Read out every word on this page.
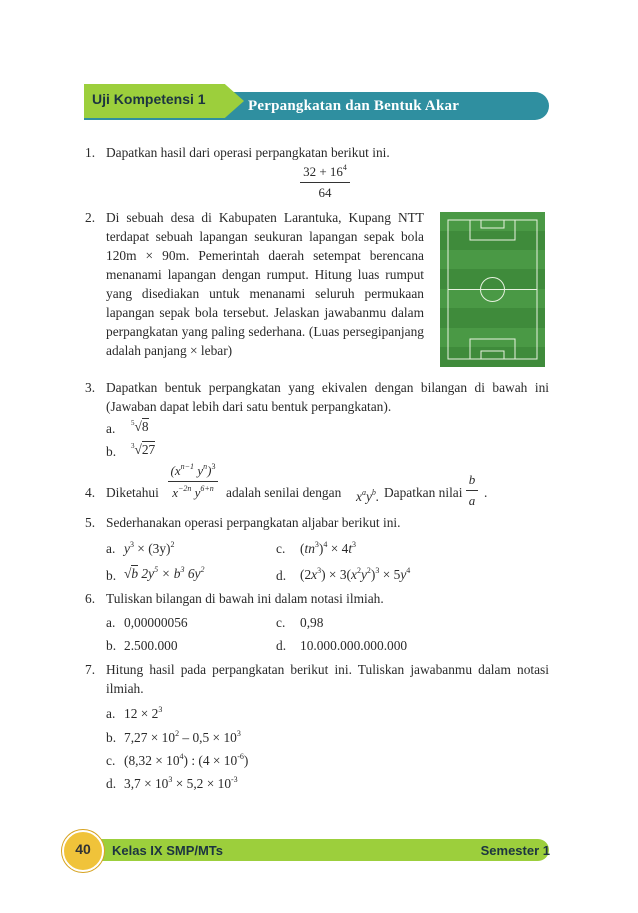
Uji Kompetensi 1	Perpangkatan dan Bentuk Akar
1. Dapatkan hasil dari operasi perpangkatan berikut ini.
$32 + 16^4$
64
2. Di sebuah desa di Kabupaten Larantuka, Kupang NTT
terdapat sebuah lapangan seukuran lapangan sepak bola
120m × 90m. Pemerintah daerah setempat berencana
menanami lapangan dengan rumput. Hitung luas rumput
yang disediakan untuk menanami seluruh permukaan
lapangan sepak bola tersebut. Jelaskan jawabanmu dalam
perpangkatan yang paling sederhana. (Luas persegipanjang
adalah panjang × lebar)
3. Dapatkan bentuk perpangkatan yang ekivalen dengan bilangan di bawah ini
(Jawaban dapat lebih dari satu bentuk perpangkatan).
a. $^5$√8
b. $^3$√27
4. Diketahui
($x^{n-1}$ $y^n)^3$
$x^{-2n}$ $y^{6+n}$ adalah senilai dengan $x^ay^b$. Dapatkan nilai
b
a
.
5. Sederhanakan operasi perpangkatan aljabar berikut ini.
a. $y^3 \times (3y)^2$	c. $(tn^3)^4 \times 4t^3$
b. √b $2y^5 \times b^3$ $6y^2$	d. $(2x^3) \times 3(x^2y^2)^3 \times 5y^4$
6. Tuliskan bilangan di bawah ini dalam notasi ilmiah.
a. 0,00000056	c. 0,98
b. 2.500.000	d. 10.000.000.000.000
7. Hitung hasil pada perpangkatan berikut ini. Tuliskan jawabanmu dalam notasi
ilmiah.
a. $12 \times 2^3$
b. $7,27 \times 10^2 - 0,5 \times 10^3$
c. $(8,32 \times 10^4)$ : $(4 \times 10^{-6})$
d. $3,7 \times 10^3 \times 5,2 \times 10^{-3}$
40	Kelas IX SMP/MTs	Semester 1
